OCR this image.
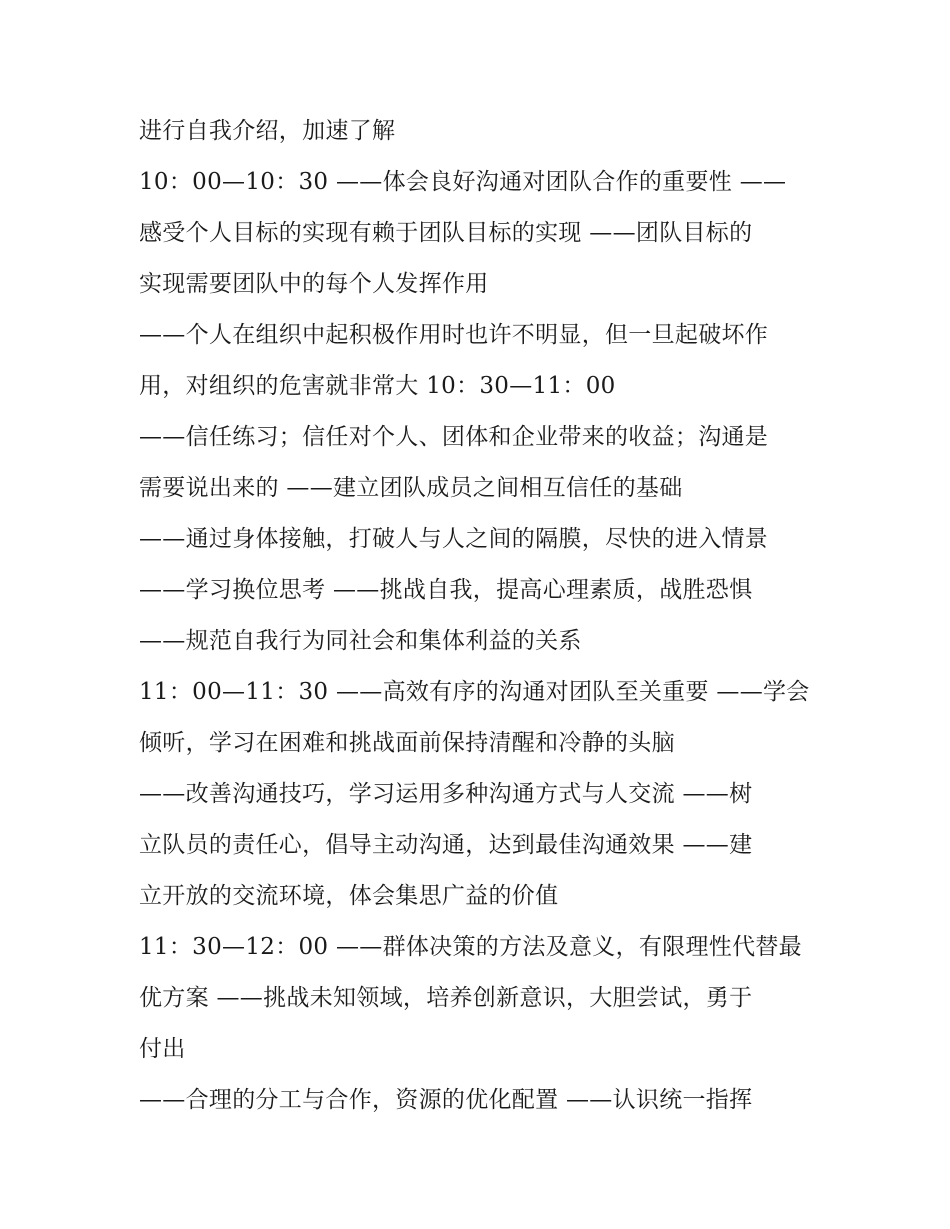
进行自我介绍，加速了解
10：00—10：30 ——体会良好沟通对团队合作的重要性 ——
感受个人目标的实现有赖于团队目标的实现 ——团队目标的
实现需要团队中的每个人发挥作用
——个人在组织中起积极作用时也许不明显，但一旦起破坏作
用，对组织的危害就非常大 10：30—11：00
——信任练习；信任对个人、团体和企业带来的收益；沟通是
需要说出来的 ——建立团队成员之间相互信任的基础
——通过身体接触，打破人与人之间的隔膜，尽快的进入情景
——学习换位思考 ——挑战自我，提高心理素质，战胜恐惧
——规范自我行为同社会和集体利益的关系
11：00—11：30 ——高效有序的沟通对团队至关重要 ——学会
倾听，学习在困难和挑战面前保持清醒和冷静的头脑
——改善沟通技巧，学习运用多种沟通方式与人交流 ——树
立队员的责任心，倡导主动沟通，达到最佳沟通效果 ——建
立开放的交流环境，体会集思广益的价值
11：30—12：00 ——群体决策的方法及意义，有限理性代替最
优方案 ——挑战未知领域，培养创新意识，大胆尝试，勇于
付出
——合理的分工与合作，资源的优化配置 ——认识统一指挥
